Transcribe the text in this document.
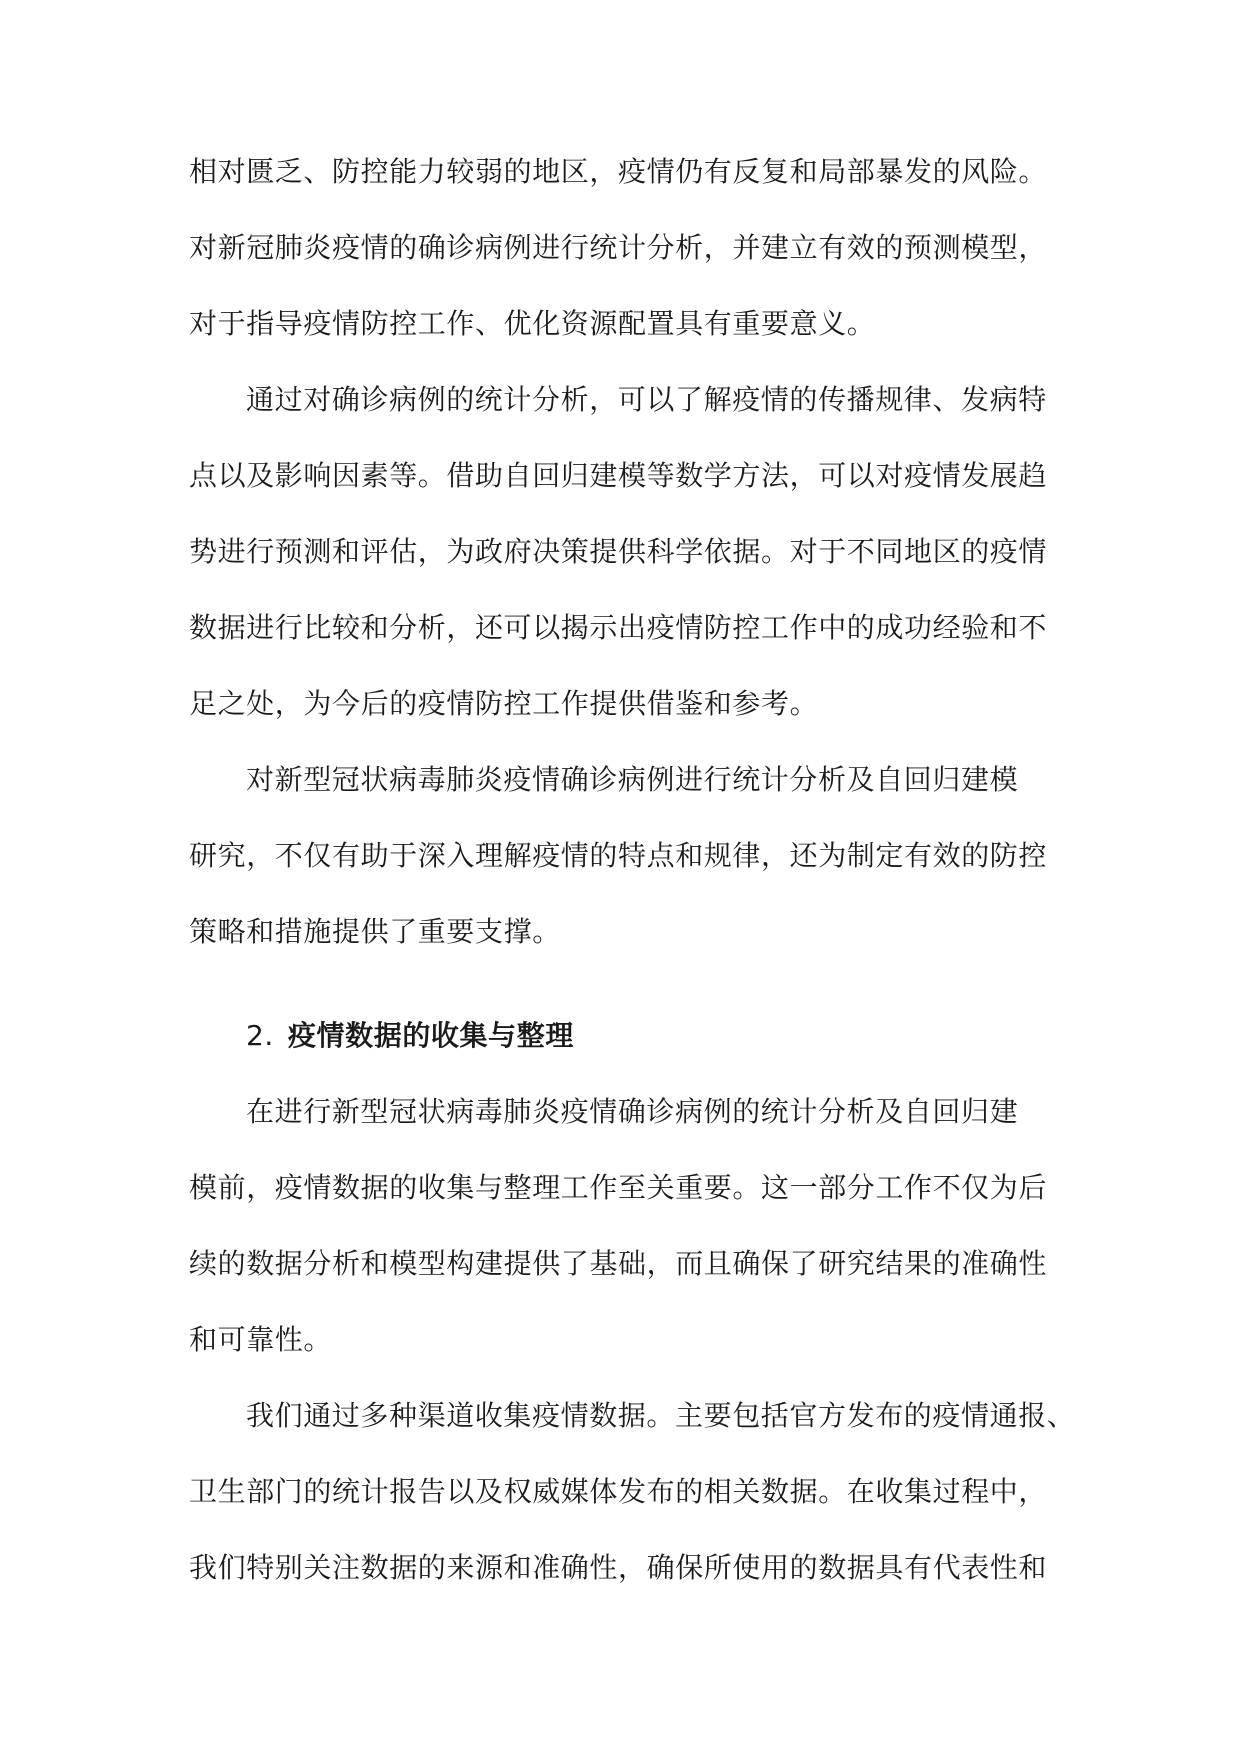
相对匮乏、防控能力较弱的地区，疫情仍有反复和局部暴发的风险。
对新冠肺炎疫情的确诊病例进行统计分析，并建立有效的预测模型，
对于指导疫情防控工作、优化资源配置具有重要意义。
通过对确诊病例的统计分析，可以了解疫情的传播规律、发病特
点以及影响因素等。借助自回归建模等数学方法，可以对疫情发展趋
势进行预测和评估，为政府决策提供科学依据。对于不同地区的疫情
数据进行比较和分析，还可以揭示出疫情防控工作中的成功经验和不
足之处，为今后的疫情防控工作提供借鉴和参考。
对新型冠状病毒肺炎疫情确诊病例进行统计分析及自回归建模
研究，不仅有助于深入理解疫情的特点和规律，还为制定有效的防控
策略和措施提供了重要支撑。
2. 疫情数据的收集与整理
在进行新型冠状病毒肺炎疫情确诊病例的统计分析及自回归建
模前，疫情数据的收集与整理工作至关重要。这一部分工作不仅为后
续的数据分析和模型构建提供了基础，而且确保了研究结果的准确性
和可靠性。
我们通过多种渠道收集疫情数据。主要包括官方发布的疫情通报、
卫生部门的统计报告以及权威媒体发布的相关数据。在收集过程中，
我们特别关注数据的来源和准确性，确保所使用的数据具有代表性和
